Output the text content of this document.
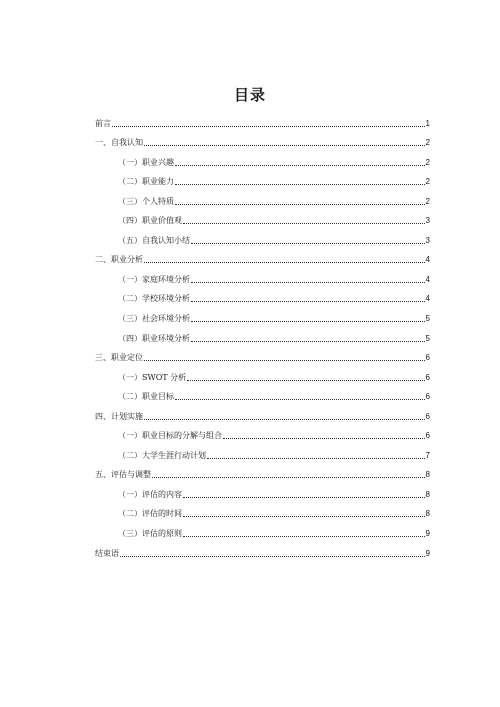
目录
前言	1
一、自我认知	2
（一）职业兴趣	2
（二）职业能力	2
（三）个人特质	2
（四）职业价值观	3
（五）自我认知小结	3
二、职业分析	4
（一）家庭环境分析	4
（二）学校环境分析	4
（三）社会环境分析	5
（四）职业环境分析	5
三、职业定位	6
（一）SWOT 分析	6
（二）职业目标	6
四、计划实施	6
（一）职业目标的分解与组合	6
（二）大学生涯行动计划	7
五、评估与调整	8
（一）评估的内容	8
（二）评估的时间	8
（三）评估的原则	9
结束语	9
